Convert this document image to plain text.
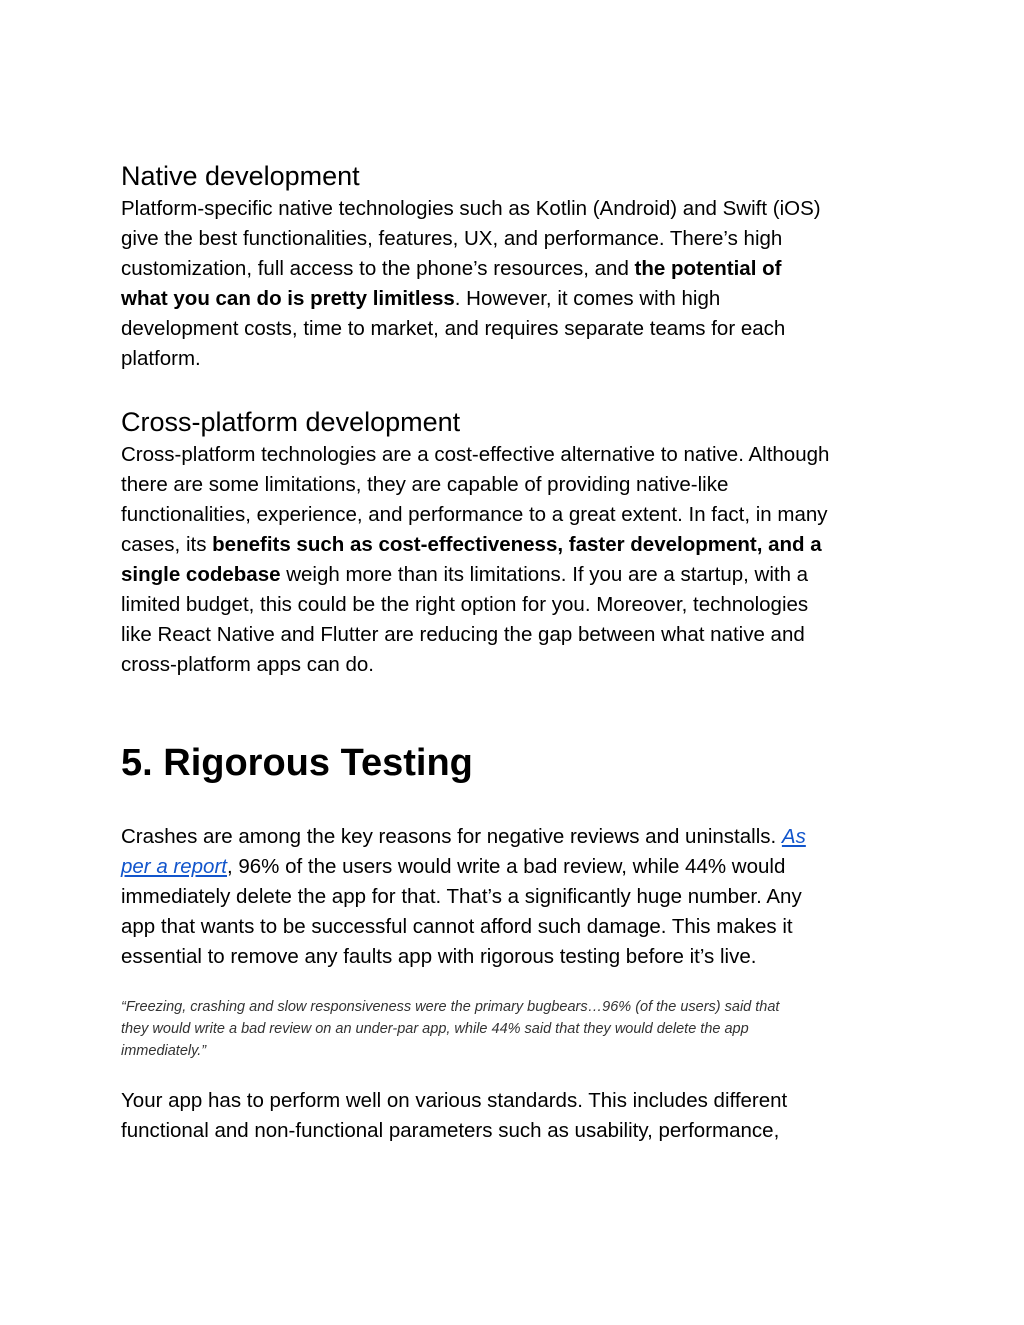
Native development

Platform-specific native technologies such as Kotlin (Android) and Swift (iOS)
give the best functionalities, features, UX, and performance. There’s high
customization, full access to the phone’s resources, and the potential of
what you can do is pretty limitless. However, it comes with high
development costs, time to market, and requires separate teams for each
platform.

Cross-platform development

Cross-platform technologies are a cost-effective alternative to native. Although
there are some limitations, they are capable of providing native-like
functionalities, experience, and performance to a great extent. In fact, in many
cases, its benefits such as cost-effectiveness, faster development, and a
single codebase weigh more than its limitations. If you are a startup, with a
limited budget, this could be the right option for you. Moreover, technologies
like React Native and Flutter are reducing the gap between what native and
cross-platform apps can do.

5. Rigorous Testing

Crashes are among the key reasons for negative reviews and uninstalls. As
per a report, 96% of the users would write a bad review, while 44% would
immediately delete the app for that. That’s a significantly huge number. Any
app that wants to be successful cannot afford such damage. This makes it
essential to remove any faults app with rigorous testing before it’s live.

“Freezing, crashing and slow responsiveness were the primary bugbears…96% (of the users) said that
they would write a bad review on an under-par app, while 44% said that they would delete the app
immediately.”

Your app has to perform well on various standards. This includes different
functional and non-functional parameters such as usability, performance,
